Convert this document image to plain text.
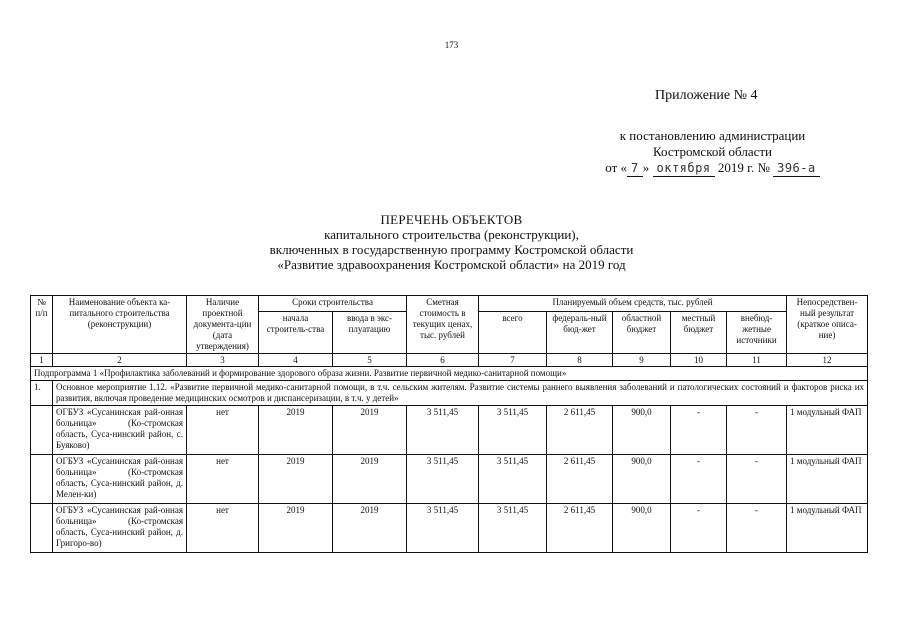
173
Приложение № 4
к постановлению администрации
Костромской области
от « 7 » октября 2019 г. № 396-а
ПЕРЕЧЕНЬ ОБЪЕКТОВ
капитального строительства (реконструкции),
включенных в государственную программу Костромской области
«Развитие здравоохранения Костромской области» на 2019 год
№ п/п	Наименование объекта ка-питального строительства (реконструкции)	Наличие проектной документа-ции (дата утверждения)	Сроки строительства		Сметная стоимость в текущих ценах, тыс. рублей	Планируемый объем средств, тыс. рублей					Непосредствен-ный результат (краткое описа-ние)
			начала строитель-ства	ввода в экс-плуатацию		всего	федераль-ный бюд-жет	областной бюджет	местный бюджет	внебюд-жетные источники	
1	2	3	4	5	6	7	8	9	10	11	12
Подпрограмма 1 «Профилактика заболеваний и формирование здорового образа жизни. Развитие первичной медико-санитарной помощи»											
1.	Основное мероприятие 1.12. «Развитие первичной медико-санитарной помощи, в т.ч. сельским жителям. Развитие системы раннего выявления заболеваний и патологических состояний и факторов риска их развития, включая проведение медицинских осмотров и диспансеризации, в т.ч. у детей»										
	ОГБУЗ «Сусанинская рай-онная больница» (Ко-стромская область, Суса-нинский район, с. Буяково)	нет	2019	2019	3 511,45	3 511,45	2 611,45	900,0	-	-	1 модульный ФАП
	ОГБУЗ «Сусанинская рай-онная больница» (Ко-стромская область, Суса-нинский район, д. Мелен-ки)	нет	2019	2019	3 511,45	3 511,45	2 611,45	900,0	-	-	1 модульный ФАП
	ОГБУЗ «Сусанинская рай-онная больница» (Ко-стромская область, Суса-нинский район, д. Григоро-во)	нет	2019	2019	3 511,45	3 511,45	2 611,45	900,0	-	-	1 модульный ФАП
